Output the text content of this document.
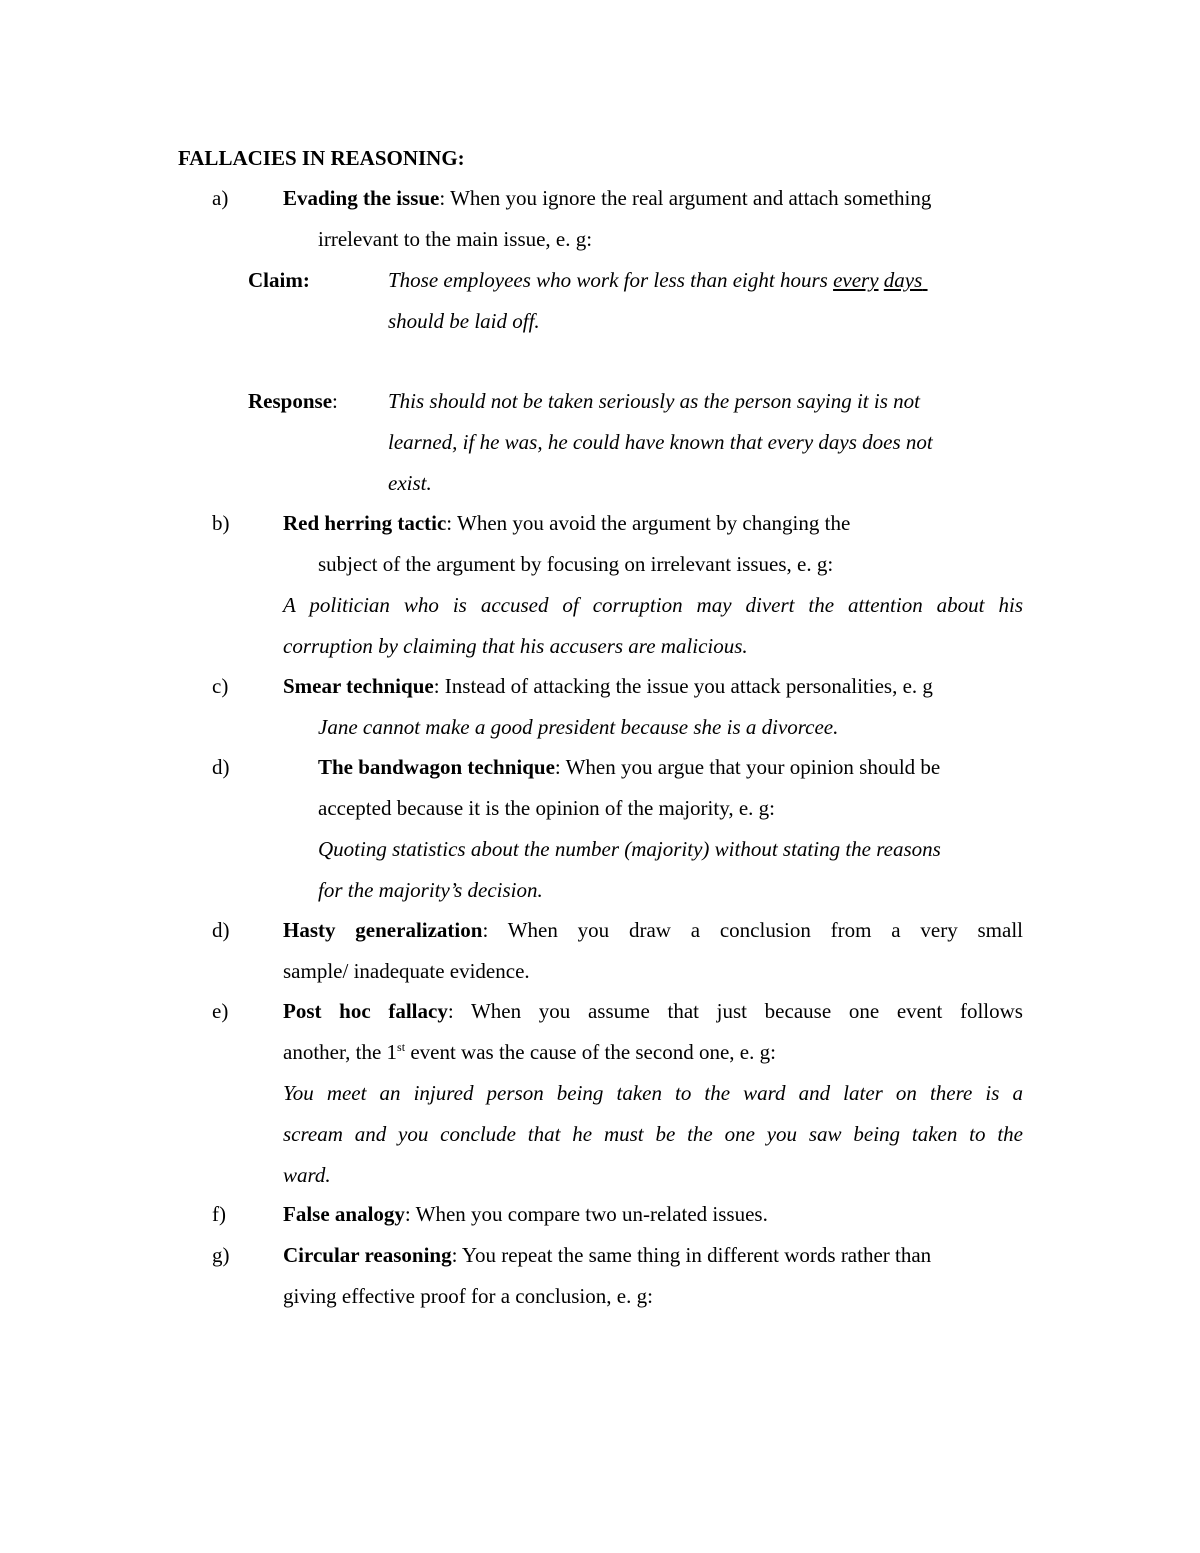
FALLACIES IN REASONING:
a)	Evading the issue: When you ignore the real argument and attach something
irrelevant to the main issue, e. g:
Claim:	Those employees who work for less than eight hours every days
should be laid off.
Response: This should not be taken seriously as the person saying it is not
learned, if he was, he could have known that every days does not
exist.
b)	Red herring tactic: When you avoid the argument by changing the
subject of the argument by focusing on irrelevant issues, e. g:
A politician who is accused of corruption may divert the attention about his
corruption by claiming that his accusers are malicious.
c)	Smear technique: Instead of attacking the issue you attack personalities, e. g
Jane cannot make a good president because she is a divorcee.
d)	The bandwagon technique: When you argue that your opinion should be
accepted because it is the opinion of the majority, e. g:
Quoting statistics about the number (majority) without stating the reasons
for the majority’s decision.
d)	Hasty generalization: When you draw a conclusion from a very small
sample/ inadequate evidence.
e)	Post hoc fallacy: When you assume that just because one event follows
another, the 1st event was the cause of the second one, e. g:
You meet an injured person being taken to the ward and later on there is a
scream and you conclude that he must be the one you saw being taken to the
ward.
f)	False analogy: When you compare two un-related issues.
g)	Circular reasoning: You repeat the same thing in different words rather than
giving effective proof for a conclusion, e. g:
